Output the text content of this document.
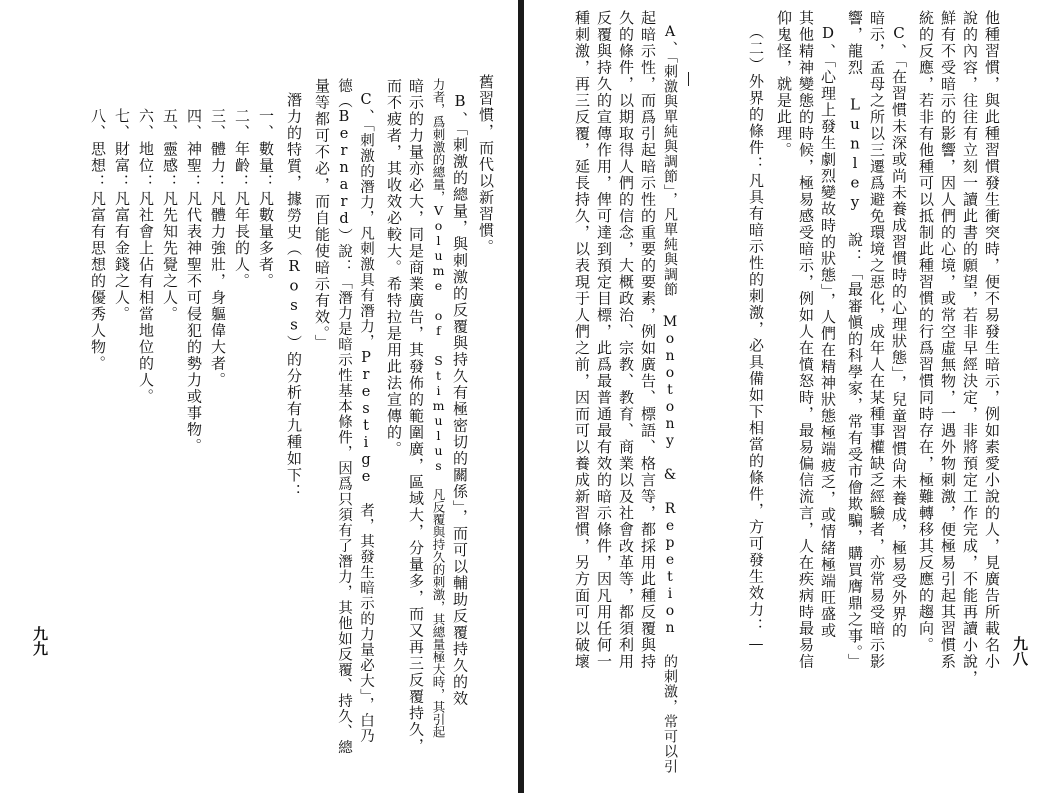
九八
他種習慣，與此種習慣發生衝突時，便不易發生暗示，例如素愛小說的人，見廣告所載名小
說的內容，往往有立刻一讀此書的願望，若非早經決定，非將預定工作完成，不能再讀小說，
鮮有不受暗示的影響，因人們的心境，或常空虛無物，一遇外物刺激，便極易引起其習慣系
統的反應，若非有他種可以抵制此種習慣的行爲習慣同時存在，極難轉移其反應的趨向。
C、「在習慣未深或尚未養成習慣時的心理狀態」，兒童習慣尙未養成，極易受外界的
暗示，孟母之所以三遷爲避免環境之惡化，成年人在某種事權缺乏經驗者，亦常易受暗示影
響，龍烈 Lunley 說：「最審愼的科學家，常有受市儈欺騙，購買膺鼎之事。」
D、「心理上發生劇烈變故時的狀態」，人們在精神狀態極端疲乏，或情緒極端旺盛或
其他精神變態的時候，極易感受暗示，例如人在憤怒時，最易偏信流言，人在疾病時最易信
仰鬼怪，就是此理。
（二）外界的條件：凡具有暗示性的刺激，必具備如下相當的條件，方可發生效力：—
A、「刺激與單純與調節」，凡單純與調節 Monotony & Repetion 的刺激，常可以引
起暗示性，而爲引起暗示性的重要的要素，例如廣告、標語、格言等，都採用此種反覆與持
久的條件，以期取得人們的信念，大概政治、宗教、教育、商業以及社會改革等，都須利用
反覆與持久的宣傳作用，俾可達到預定目標，此爲最普通最有效的暗示條件，因凡用任何一
種刺激，再三反覆，延長持久，以表現于人們之前，因而可以養成新習慣，另方面可以破壞
舊習慣，而代以新習慣。
B、「刺激的總量，與刺激的反覆與持久有極密切的關係」，而可以輔助反覆持久的效
力者，爲刺激的總量，Volume of Stimulus 凡反覆與持久的刺激，其總量極大時，其引起
暗示的力量亦必大，同是商業廣告，其發佈的範圍廣，區域大，分量多，而又再三反覆持久，
而不疲者，其收效必較大。希特拉是用此法宣傳的。
C、「刺激的潛力，凡刺激具有潛力，Prestige 者，其發生暗示的力量必大」，白乃
德（Bernard）說：「潛力是暗示性基本條件，因爲只須有了潛力，其他如反覆、持久、總
量等都可不必，而自能使暗示有效。」
潛力的特質，據勞史（Ross）的分析有九種如下：
一、數量：凡數量多者。
二、年齡：凡年長的人。
三、體力：凡體力強壯，身軀偉大者。
四、神聖：凡代表神聖不可侵犯的勢力或事物。
五、靈感：凡先知先覺之人。
六、地位：凡社會上佔有相當地位的人。
七、財富：凡富有金錢之人。
八、思想：凡富有思想的優秀人物。
九九
